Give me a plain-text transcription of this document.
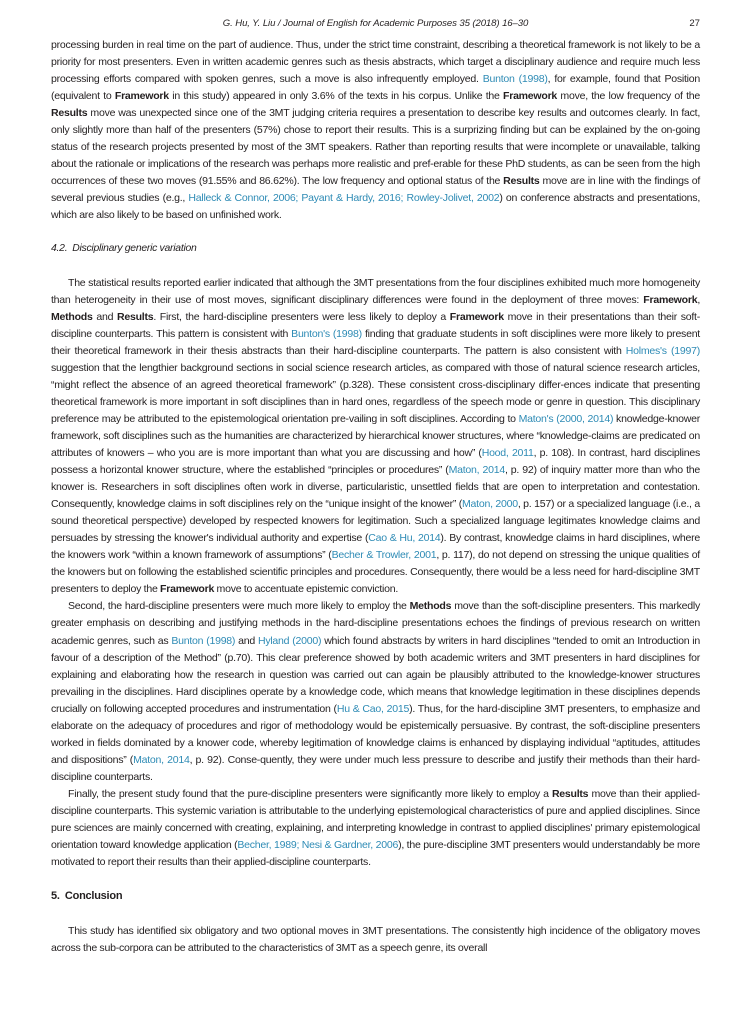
G. Hu, Y. Liu / Journal of English for Academic Purposes 35 (2018) 16–30	27

processing burden in real time on the part of audience. Thus, under the strict time constraint, describing a theoretical framework is not likely to be a priority for most presenters. Even in written academic genres such as thesis abstracts, which target a disciplinary audience and require much less processing efforts compared with spoken genres, such a move is also infrequently employed. Bunton (1998), for example, found that Position (equivalent to Framework in this study) appeared in only 3.6% of the texts in his corpus. Unlike the Framework move, the low frequency of the Results move was unexpected since one of the 3MT judging criteria requires a presentation to describe key results and outcomes clearly. In fact, only slightly more than half of the presenters (57%) chose to report their results. This is a surprizing finding but can be explained by the on-going status of the research projects presented by most of the 3MT speakers. Rather than reporting results that were incomplete or unavailable, talking about the rationale or implications of the research was perhaps more realistic and pref-erable for these PhD students, as can be seen from the high occurrences of these two moves (91.55% and 86.62%). The low frequency and optional status of the Results move are in line with the findings of several previous studies (e.g., Halleck & Connor, 2006; Payant & Hardy, 2016; Rowley-Jolivet, 2002) on conference abstracts and presentations, which are also likely to be based on unfinished work.

4.2. Disciplinary generic variation

The statistical results reported earlier indicated that although the 3MT presentations from the four disciplines exhibited much more homogeneity than heterogeneity in their use of most moves, significant disciplinary differences were found in the deployment of three moves: Framework, Methods and Results. First, the hard-discipline presenters were less likely to deploy a Framework move in their presentations than their soft-discipline counterparts. This pattern is consistent with Bunton's (1998) finding that graduate students in soft disciplines were more likely to present their theoretical framework in their thesis abstracts than their hard-discipline counterparts. The pattern is also consistent with Holmes's (1997) suggestion that the lengthier background sections in social science research articles, as compared with those of natural science research articles, “might reflect the absence of an agreed theoretical framework” (p.328). These consistent cross-disciplinary differ-ences indicate that presenting theoretical framework is more important in soft disciplines than in hard ones, regardless of the speech mode or genre in question. This disciplinary preference may be attributed to the epistemological orientation pre-vailing in soft disciplines. According to Maton's (2000, 2014) knowledge-knower framework, soft disciplines such as the humanities are characterized by hierarchical knower structures, where “knowledge-claims are predicated on attributes of knowers – who you are is more important than what you are discussing and how” (Hood, 2011, p. 108). In contrast, hard disciplines possess a horizontal knower structure, where the established “principles or procedures” (Maton, 2014, p. 92) of inquiry matter more than who the knower is. Researchers in soft disciplines often work in diverse, particularistic, unsettled fields that are open to interpretation and contestation. Consequently, knowledge claims in soft disciplines rely on the “unique insight of the knower” (Maton, 2000, p. 157) or a specialized language (i.e., a sound theoretical perspective) developed by respected knowers for legitimation. Such a specialized language legitimates knowledge claims and persuades by stressing the knower's individual authority and expertise (Cao & Hu, 2014). By contrast, knowledge claims in hard disciplines, where the knowers work “within a known framework of assumptions” (Becher & Trowler, 2001, p. 117), do not depend on stressing the unique qualities of the knowers but on following the established scientific principles and procedures. Consequently, there would be a less need for hard-discipline 3MT presenters to deploy the Framework move to accentuate epistemic conviction.

Second, the hard-discipline presenters were much more likely to employ the Methods move than the soft-discipline presenters. This markedly greater emphasis on describing and justifying methods in the hard-discipline presentations echoes the findings of previous research on written academic genres, such as Bunton (1998) and Hyland (2000) which found abstracts by writers in hard disciplines “tended to omit an Introduction in favour of a description of the Method” (p.70). This clear preference showed by both academic writers and 3MT presenters in hard disciplines for explaining and elaborating how the research in question was carried out can again be plausibly attributed to the knowledge-knower structures prevailing in the disciplines. Hard disciplines operate by a knowledge code, which means that knowledge legitimation in these disciplines depends crucially on following accepted procedures and instrumentation (Hu & Cao, 2015). Thus, for the hard-discipline 3MT presenters, to emphasize and elaborate on the adequacy of procedures and rigor of methodology would be epistemically persuasive. By contrast, the soft-discipline presenters worked in fields dominated by a knower code, whereby legitimation of knowledge claims is enhanced by displaying individual “aptitudes, attitudes and dispositions” (Maton, 2014, p. 92). Conse-quently, they were under much less pressure to describe and justify their methods than their hard-discipline counterparts.

Finally, the present study found that the pure-discipline presenters were significantly more likely to employ a Results move than their applied-discipline counterparts. This systemic variation is attributable to the underlying epistemological characteristics of pure and applied disciplines. Since pure sciences are mainly concerned with creating, explaining, and interpreting knowledge in contrast to applied disciplines' primary epistemological orientation toward knowledge application (Becher, 1989; Nesi & Gardner, 2006), the pure-discipline 3MT presenters would understandably be more motivated to report their results than their applied-discipline counterparts.

5. Conclusion

This study has identified six obligatory and two optional moves in 3MT presentations. The consistently high incidence of the obligatory moves across the sub-corpora can be attributed to the characteristics of 3MT as a speech genre, its overall
